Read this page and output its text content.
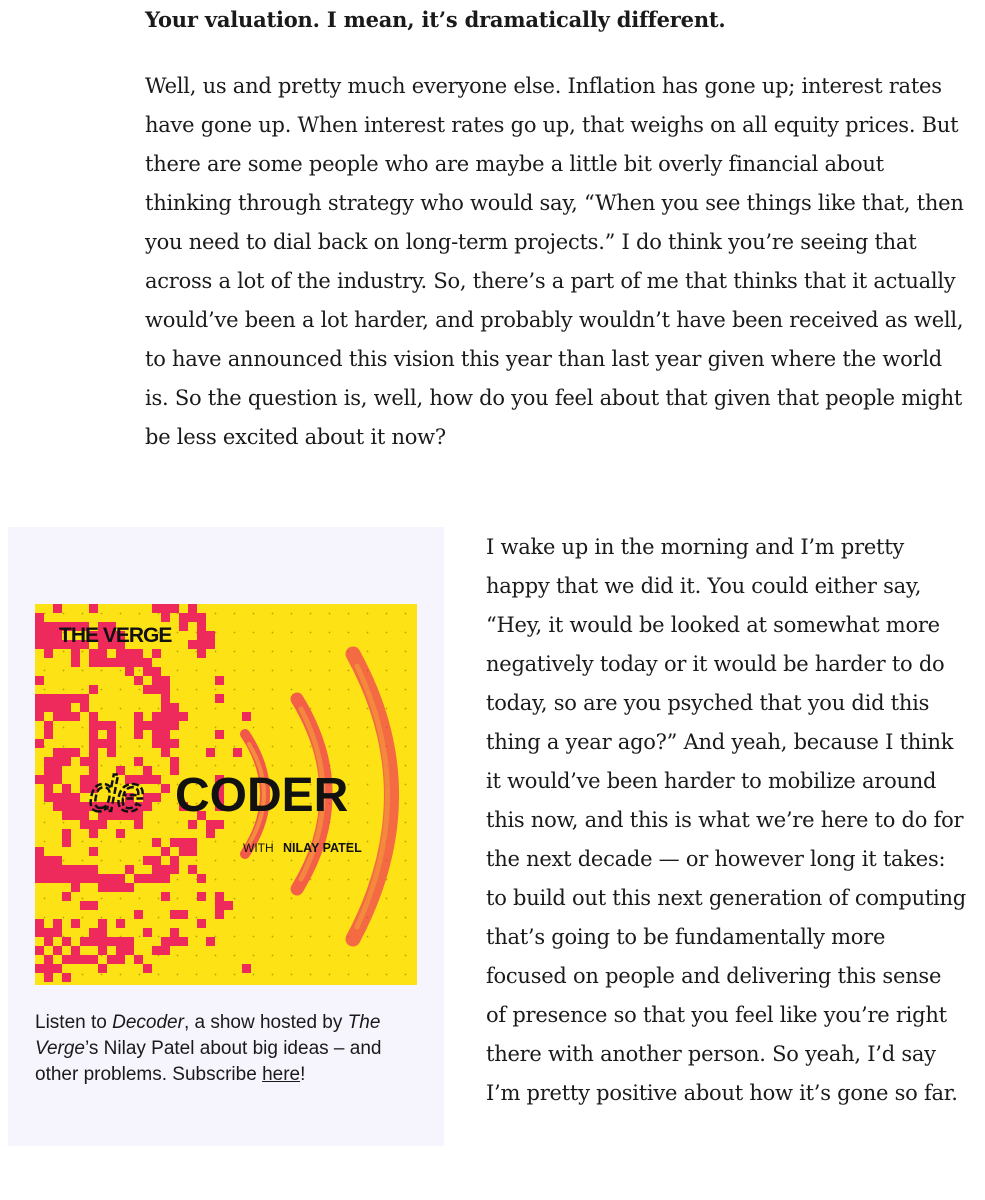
Your valuation. I mean, it’s dramatically different.

Well, us and pretty much everyone else. Inflation has gone up; interest rates have gone up. When interest rates go up, that weighs on all equity prices. But there are some people who are maybe a little bit overly financial about thinking through strategy who would say, “When you see things like that, then you need to dial back on long-term projects.” I do think you’re seeing that across a lot of the industry. So, there’s a part of me that thinks that it actually would’ve been a lot harder, and probably wouldn’t have been received as well, to have announced this vision this year than last year given where the world is. So the question is, well, how do you feel about that given that people might be less excited about it now?

THE VERGE
de CODER
WITH NILAY PATEL

Listen to Decoder, a show hosted by The Verge’s Nilay Patel about big ideas – and other problems. Subscribe here!

I wake up in the morning and I’m pretty happy that we did it. You could either say, “Hey, it would be looked at somewhat more negatively today or it would be harder to do today, so are you psyched that you did this thing a year ago?” And yeah, because I think it would’ve been harder to mobilize around this now, and this is what we’re here to do for the next decade — or however long it takes: to build out this next generation of computing that’s going to be fundamentally more focused on people and delivering this sense of presence so that you feel like you’re right there with another person. So yeah, I’d say I’m pretty positive about how it’s gone so far.
